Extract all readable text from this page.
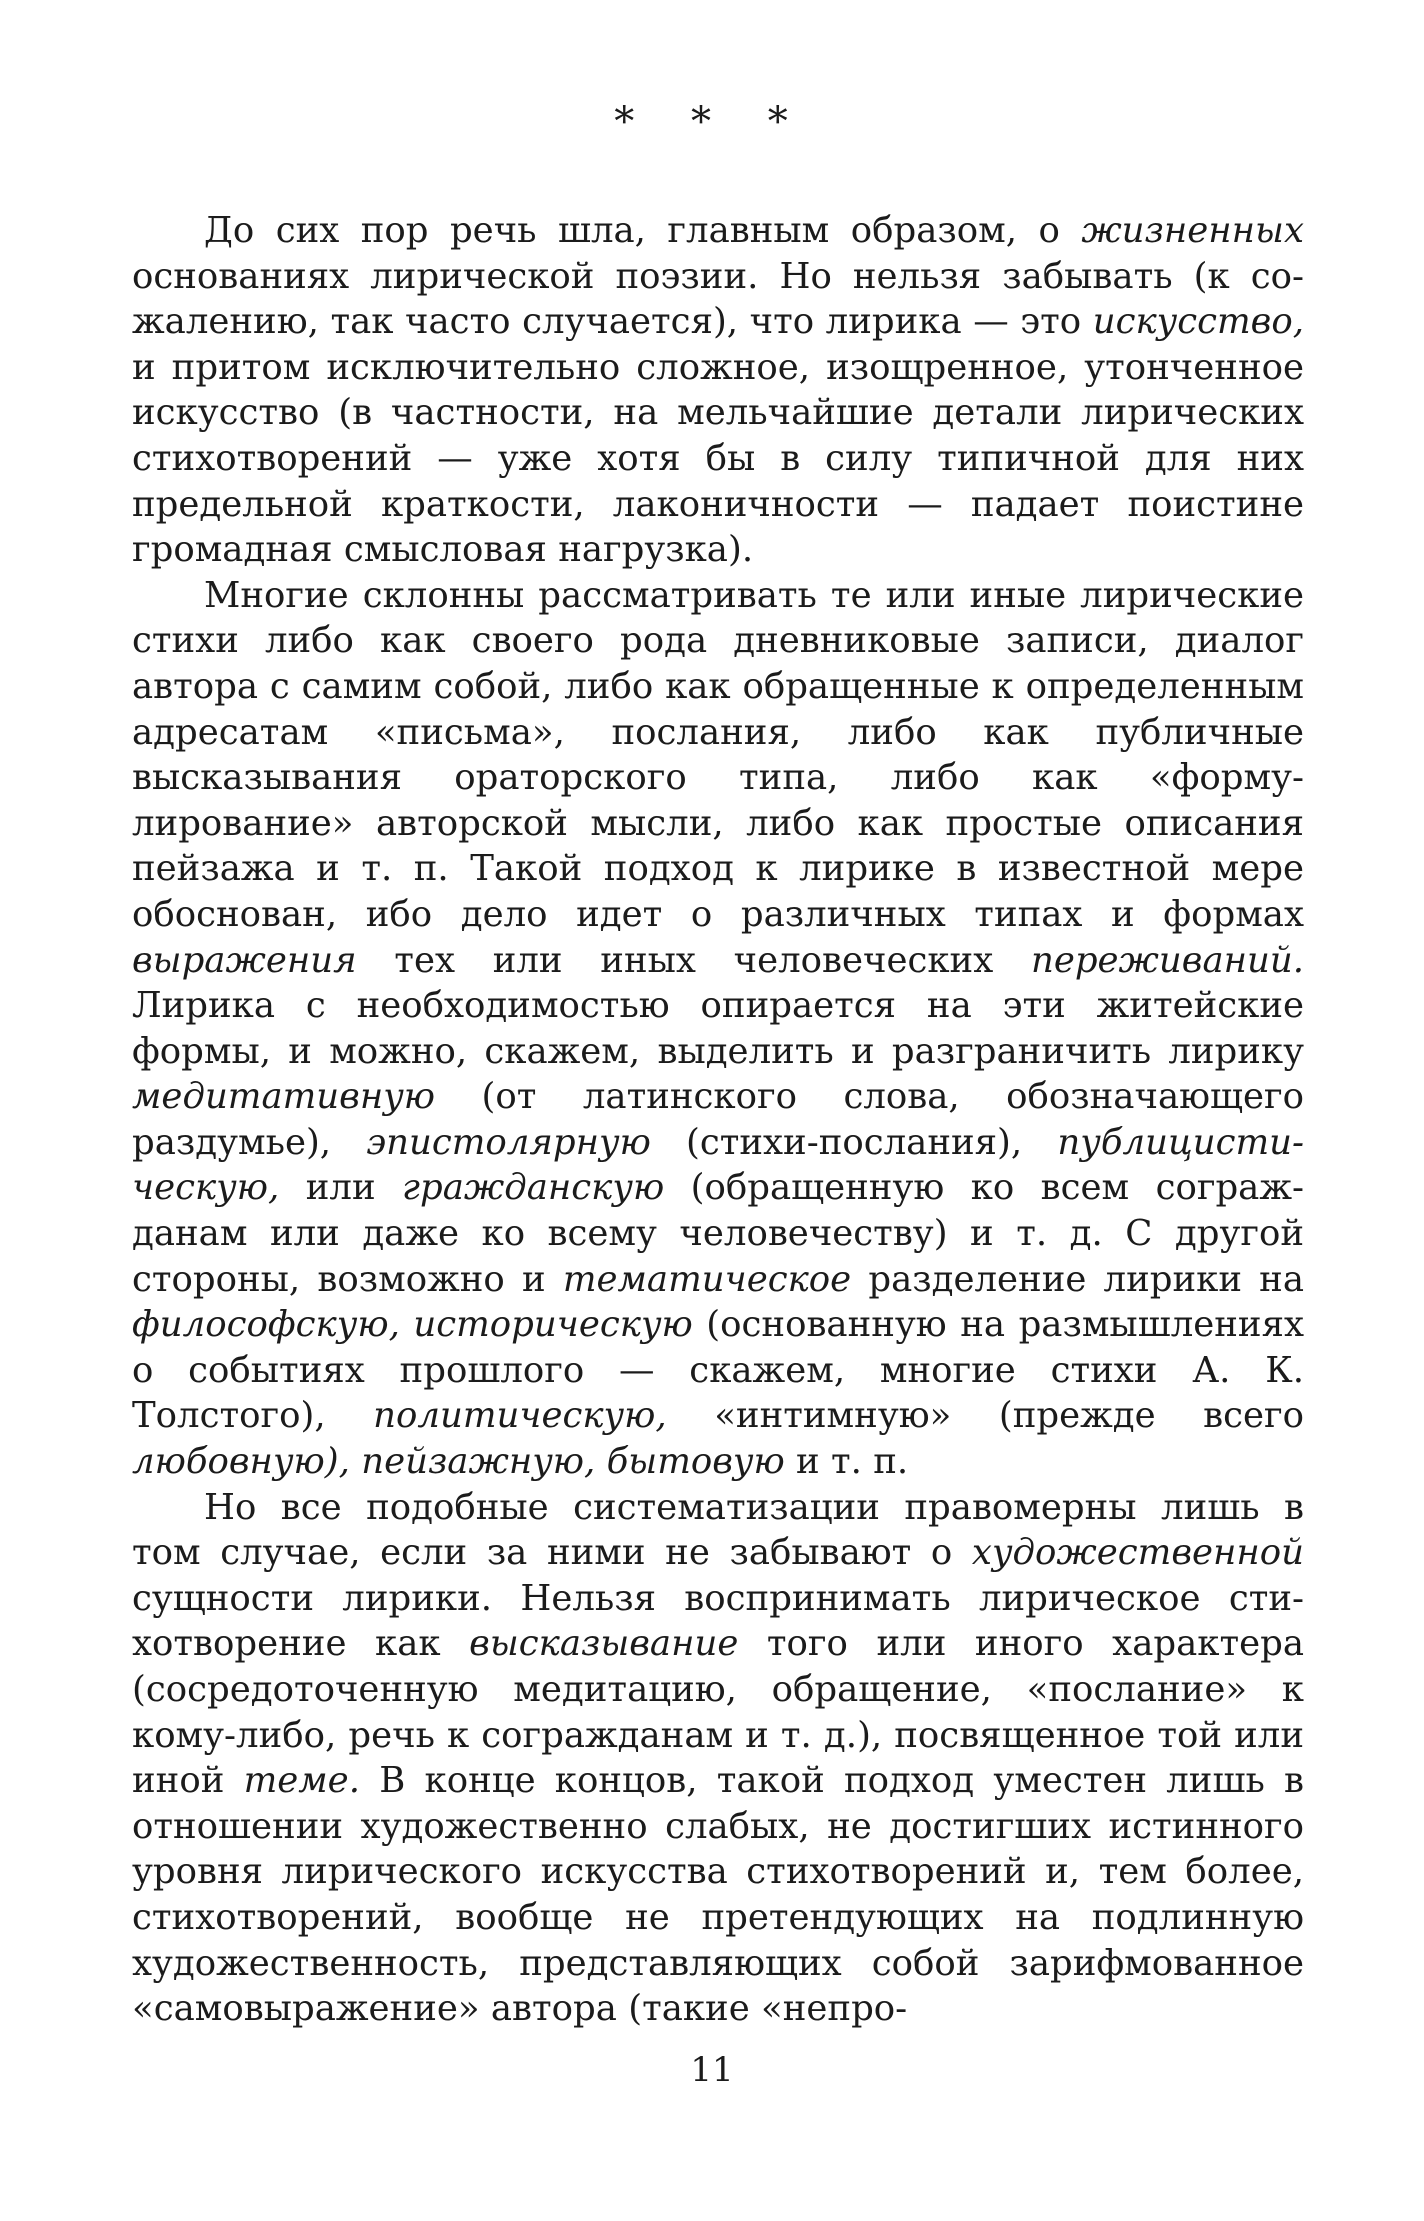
* * *

До сих пор речь шла, главным образом, о жизненных основаниях лирической поэзии. Но нельзя забывать (к сожалению, так часто случается), что лирика — это искусство, и притом исключительно сложное, изощренное, утонченное искусство (в частности, на мельчайшие детали лирических стихотворений — уже хотя бы в силу типичной для них предельной краткости, лаконичности — падает поистине громадная смысловая нагрузка).

Многие склонны рассматривать те или иные лирические стихи либо как своего рода дневниковые записи, диалог автора с самим собой, либо как обращенные к определенным адресатам «письма», послания, либо как публичные высказывания ораторского типа, либо как «формулирование» авторской мысли, либо как простые описания пейзажа и т. п. Такой подход к лирике в известной мере обоснован, ибо дело идет о различных типах и формах выражения тех или иных человеческих переживаний. Лирика с необходимостью опирается на эти житейские формы, и можно, скажем, выделить и разграничить лирику медитативную (от латинского слова, обозначающего раздумье), эпистолярную (стихи-послания), публицистическую, или гражданскую (обращенную ко всем согражданам или даже ко всему человечеству) и т. д. С другой стороны, возможно и тематическое разделение лирики на философскую, историческую (основанную на размышлениях о событиях прошлого — скажем, многие стихи А. К. Толстого), политическую, «интимную» (прежде всего любовную), пейзажную, бытовую и т. п.

Но все подобные систематизации правомерны лишь в том случае, если за ними не забывают о художественной сущности лирики. Нельзя воспринимать лирическое стихотворение как высказывание того или иного характера (сосредоточенную медитацию, обращение, «послание» к кому-либо, речь к согражданам и т. д.), посвященное той или иной теме. В конце концов, такой подход уместен лишь в отношении художественно слабых, не достигших истинного уровня лирического искусства стихотворений и, тем более, стихотворений, вообще не претендующих на подлинную художественность, представляющих собой зарифмованное «самовыражение» автора (такие «непро-

11
